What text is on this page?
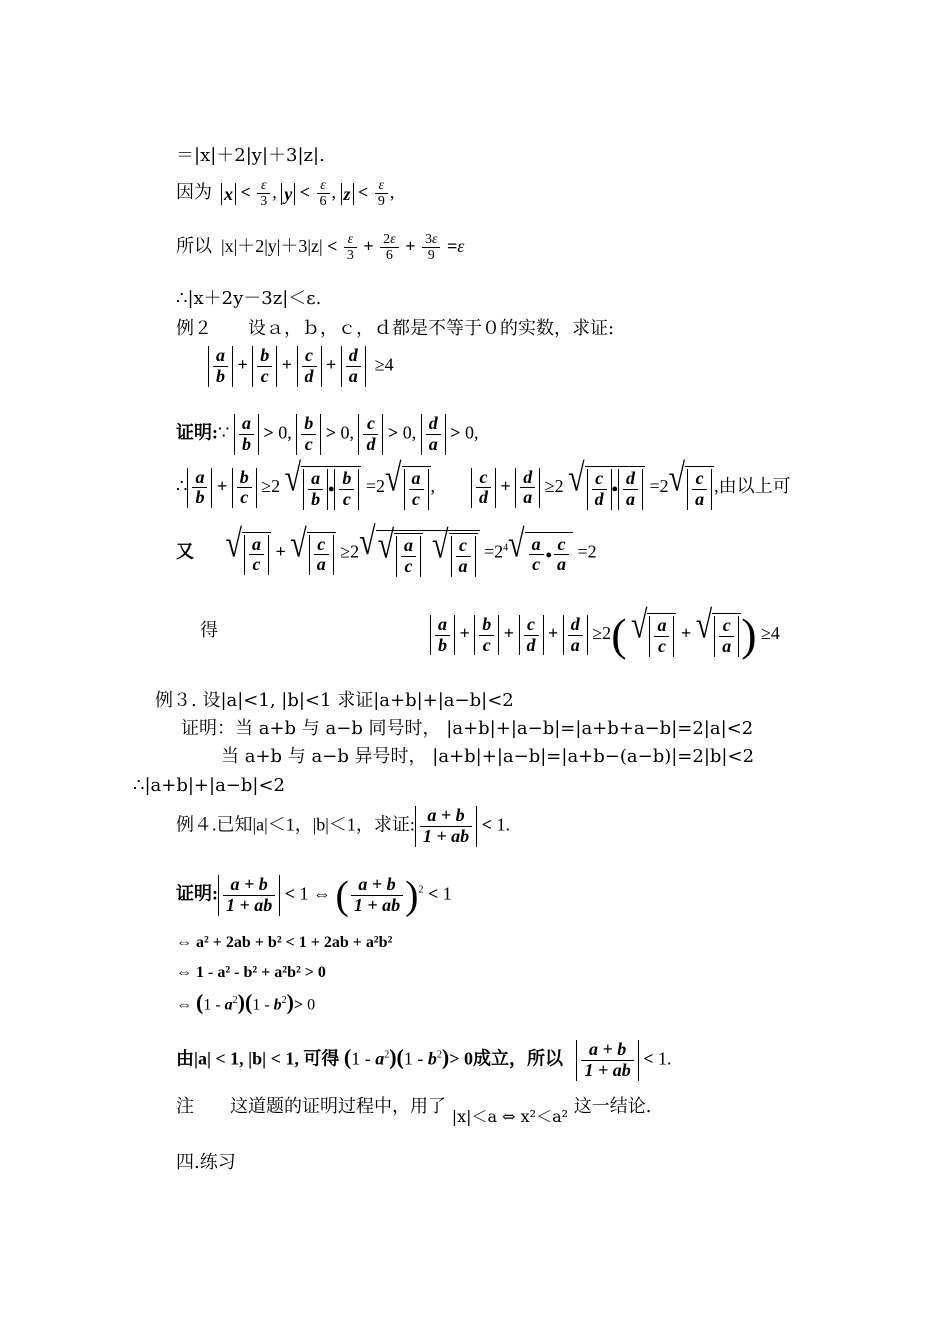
＝|x|＋2|y|＋3|z|.
因为 $x < \frac{\varepsilon}{3}$ , $y < \frac{\varepsilon}{6}$ , $z < \frac{\varepsilon}{9}$ ,
所以 $|x|+2|y|+3|z| < \frac{\varepsilon}{3} + \frac{2\varepsilon}{6} + \frac{3\varepsilon}{9} =\varepsilon$
∴|x＋2y－3z|＜ε.
例２　　设ａ，ｂ，ｃ，ｄ都是不等于０的实数，求证:
$\frac{a}{b} + \frac{b}{c} + \frac{c}{d} + \frac{d}{a} \ge 4$
证明:∵ $\frac{a}{b} > 0$, $\frac{b}{c} > 0$, $\frac{c}{d} > 0$, $\frac{d}{a} > 0$,
∴ $\frac{a}{b} + \frac{b}{c} \ge 2$ √ $\frac{a}{b}$ • $\frac{b}{c} =2$ √ $\frac{a}{c}$ , $\frac{c}{d} + \frac{d}{a} \ge 2$ √ $\frac{c}{d}$ • $\frac{d}{a} =2$ √ $\frac{c}{a}$ ,由以上可
又 √ $\frac{a}{c}$ + √ $\frac{c}{a} \ge 2$ √ √ $\frac{a}{c}$
√ $\frac{c}{a} =2^4$ √ $\frac{a}{c}$ • $\frac{c}{a} =2$
得	$\frac{a}{b} + \frac{b}{c} + \frac{c}{d} + \frac{d}{a} \ge 2$( √ $\frac{a}{c}$ + √ $\frac{c}{a}$ ) ≥4
例３. 设|a|<1, |b|<1 求证|a+b|+|a−b|<2
证明：当 a+b 与 a−b 同号时， |a+b|+|a−b|=|a+b+a−b|=2|a|<2
当 a+b 与 a−b 异号时， |a+b|+|a−b|=|a+b−(a−b)|=2|b|<2
∴|a+b|+|a−b|<2
例４.已知|a|＜1，|b|＜1，求证: $\frac{a + b}{1 + ab} < 1$.
证明: $\frac{a + b}{1 + ab} < 1$ ⇔ ( $\frac{a + b}{1 + ab} )^2 < 1$
⇔ a² + 2ab + b² < 1 + 2ab + a²b²
⇔ 1 - a² - b² + a²b² > 0
⇔ $(1 - a^2)(1 - b^2)> 0$
由|a| < 1, |b| < 1, 可得 $(1 - a^2)(1 - b^2)> 0$成立，所以 $\frac{a + b}{1 + ab} < 1$.
注　　这道题的证明过程中，用了 |x|＜a ⇔ x²＜a² 这一结论.
四.练习
